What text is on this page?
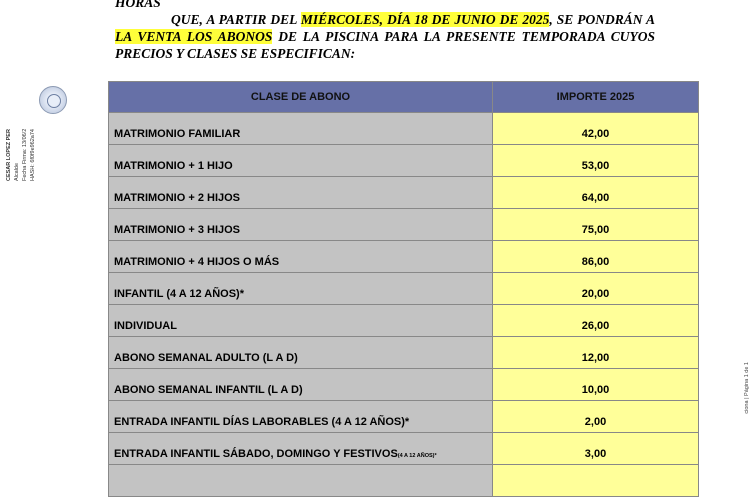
CESAR LOPEZ PER Alcalde Fecha Firma: 13/06/2 HASH: 6f0f9e962a74
ciona | Página 1 de 1
HORAS
QUE, A PARTIR DEL MIÉRCOLES, DÍA 18 DE JUNIO DE 2025, SE PONDRÁN A LA VENTA LOS ABONOS DE LA PISCINA PARA LA PRESENTE TEMPORADA CUYOS PRECIOS Y CLASES SE ESPECIFICAN:
CLASE DE ABONO	IMPORTE 2025
MATRIMONIO FAMILIAR	42,00
MATRIMONIO + 1 HIJO	53,00
MATRIMONIO + 2 HIJOS	64,00
MATRIMONIO + 3 HIJOS	75,00
MATRIMONIO + 4 HIJOS O MÁS	86,00
INFANTIL (4 A 12 AÑOS)*	20,00
INDIVIDUAL	26,00
ABONO SEMANAL ADULTO (L A D)	12,00
ABONO SEMANAL INFANTIL (L A D)	10,00
ENTRADA INFANTIL DÍAS LABORABLES (4 A 12 AÑOS)*	2,00
ENTRADA INFANTIL SÁBADO, DOMINGO Y FESTIVOS(4 A 12 AÑOS)*	3,00
